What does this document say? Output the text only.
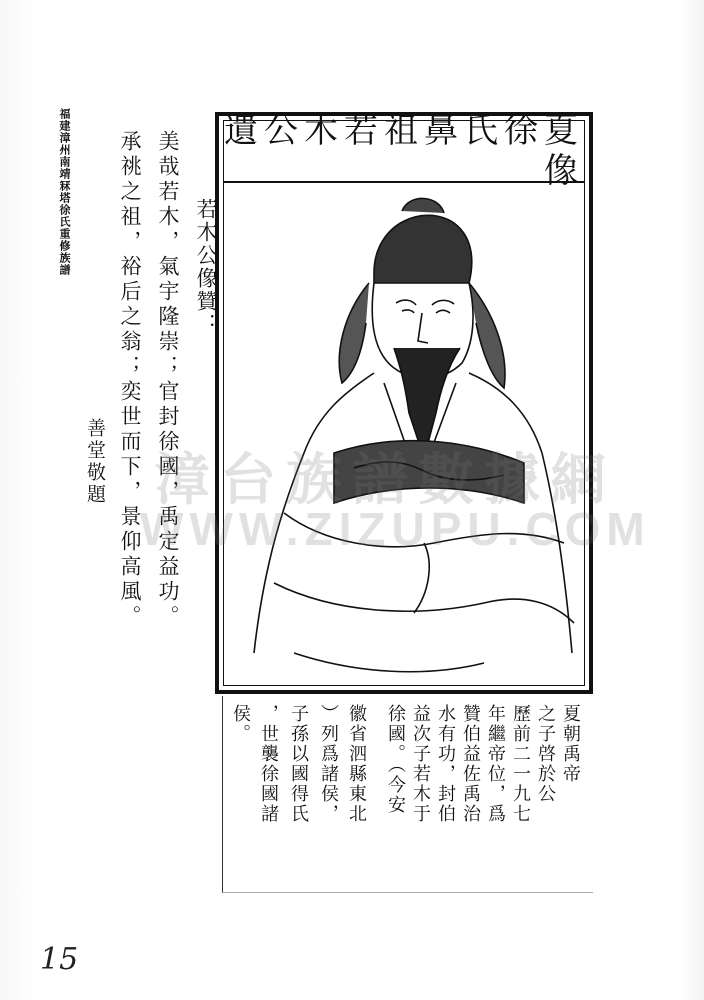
福建漳州南靖冧塔徐氏重修族譜	美哉若木，氣宇隆崇；官封徐國，禹定益功。
承祧之祖，裕后之翁；奕世而下，景仰高風。 若木公像贊：
善堂敬題
夏徐氏鼻祖若木公遺像
夏朝禹帝
之子啓於公
歷前二一九七
年繼帝位，爲
贊伯益佐禹治
水有功，封伯
益次子若木于
徐國。（今安
徽省泗縣東北
）列爲諸侯，
子孫以國得氏
，世襲徐國諸
侯。
漳台族譜數據網
WWW.ZIZUPU.COM
15
